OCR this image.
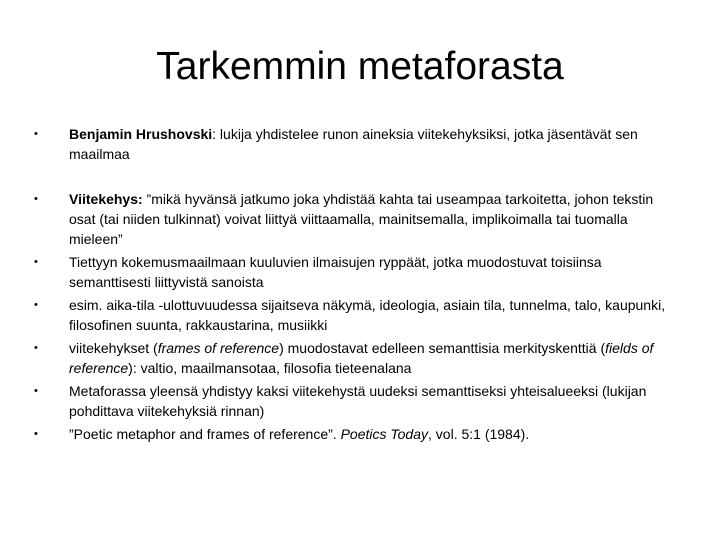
Tarkemmin metaforasta
•	Benjamin Hrushovski: lukija yhdistelee runon aineksia viitekehyksiksi, jotka jäsentävät sen maailmaa
•	Viitekehys: ”mikä hyvänsä jatkumo joka yhdistää kahta tai useampaa tarkoitetta, johon tekstin osat (tai niiden tulkinnat) voivat liittyä viittaamalla, mainitsemalla, implikoimalla tai tuomalla mieleen”
•	Tiettyyn kokemusmaailmaan kuuluvien ilmaisujen ryppäät, jotka muodostuvat toisiinsa semanttisesti liittyvistä sanoista
•	esim. aika-tila -ulottuvuudessa sijaitseva näkymä, ideologia, asiain tila, tunnelma, talo, kaupunki, filosofinen suunta, rakkaustarina, musiikki
•	viitekehykset (frames of reference) muodostavat edelleen semanttisia merkityskenttiä (fields of reference): valtio, maailmansotaa, filosofia tieteenalana
•	Metaforassa yleensä yhdistyy kaksi viitekehystä uudeksi semanttiseksi yhteisalueeksi (lukijan pohdittava viitekehyksiä rinnan)
•	”Poetic metaphor and frames of reference”. Poetics Today, vol. 5:1 (1984).
